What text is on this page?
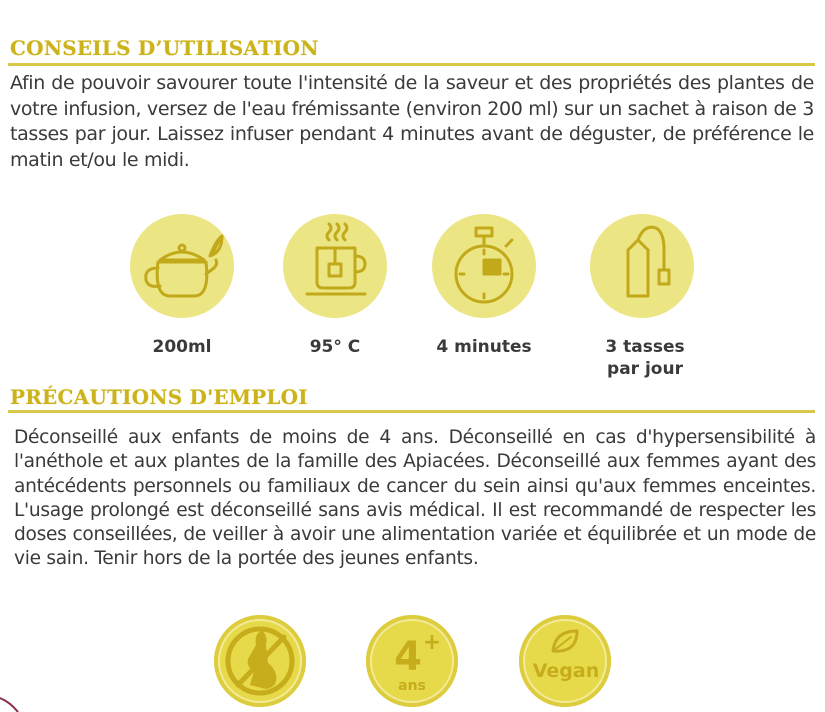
CONSEILS D’UTILISATION

Afin de pouvoir savourer toute l'intensité de la saveur et des propriétés des plantes de votre infusion, versez de l'eau frémissante (environ 200 ml) sur un sachet à raison de 3 tasses par jour. Laissez infuser pendant 4 minutes avant de déguster, de préférence le matin et/ou le midi.

200ml	95° C	4 minutes	3 tasses
par jour
PRÉCAUTIONS D'EMPLOI

Déconseillé aux enfants de moins de 4 ans. Déconseillé en cas d'hypersensibilité à l'anéthole et aux plantes de la famille des Apiacées. Déconseillé aux femmes ayant des antécédents personnels ou familiaux de cancer du sein ainsi qu'aux femmes enceintes. L'usage prolongé est déconseillé sans avis médical. Il est recommandé de respecter les doses conseillées, de veiller à avoir une alimentation variée et équilibrée et un mode de vie sain. Tenir hors de la portée des jeunes enfants.

4 +
ans
Vegan
